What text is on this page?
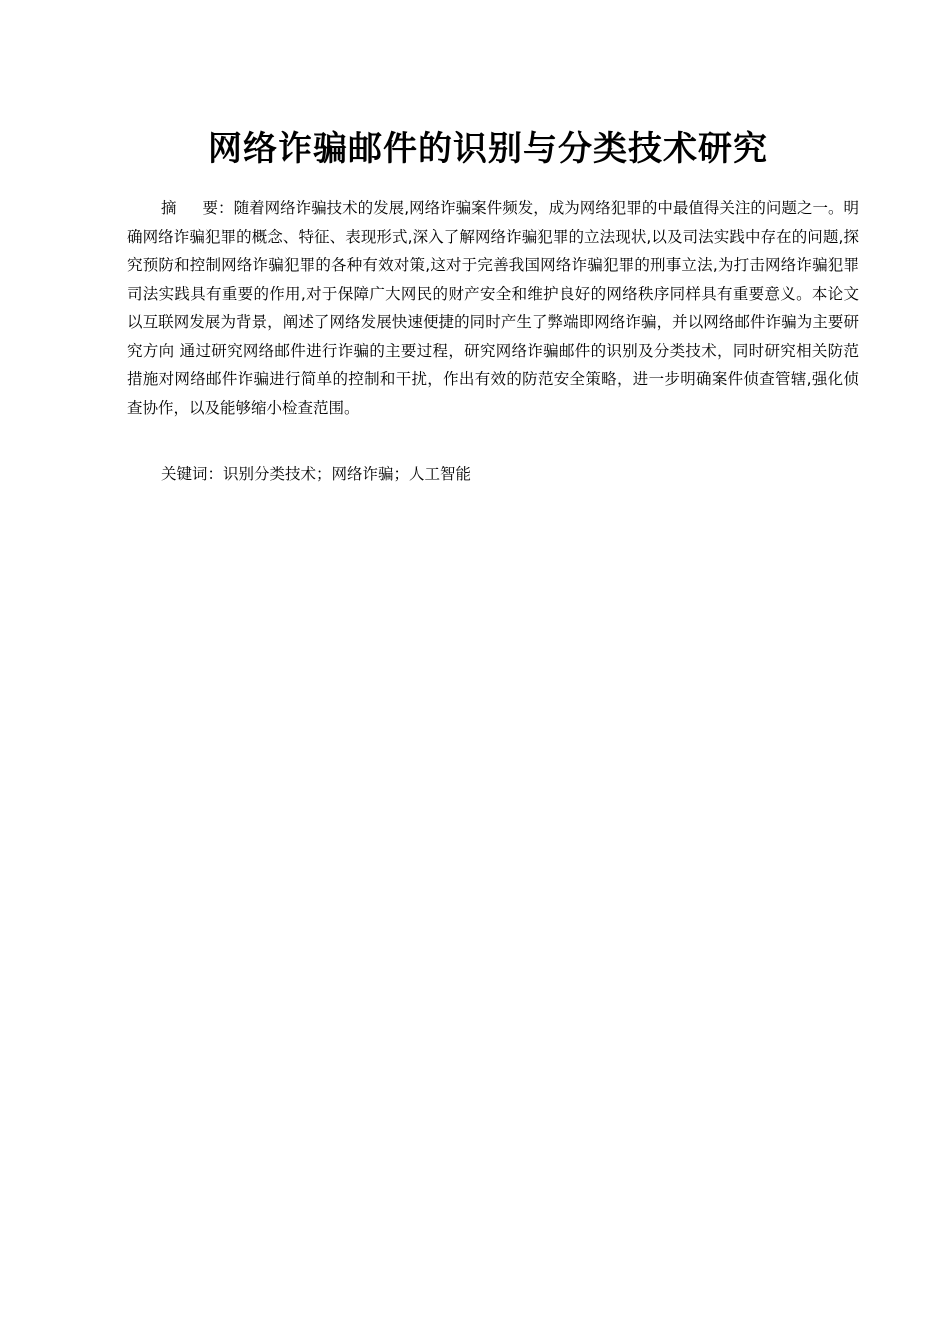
网络诈骗邮件的识别与分类技术研究

摘 要：随着网络诈骗技术的发展,网络诈骗案件频发，成为网络犯罪的中最值得关注的问题之一。明确网络诈骗犯罪的概念、特征、表现形式,深入了解网络诈骗犯罪的立法现状,以及司法实践中存在的问题,探究预防和控制网络诈骗犯罪的各种有效对策,这对于完善我国网络诈骗犯罪的刑事立法,为打击网络诈骗犯罪司法实践具有重要的作用,对于保障广大网民的财产安全和维护良好的网络秩序同样具有重要意义。本论文以互联网发展为背景，阐述了网络发展快速便捷的同时产生了弊端即网络诈骗，并以网络邮件诈骗为主要研究方向 通过研究网络邮件进行诈骗的主要过程，研究网络诈骗邮件的识别及分类技术，同时研究相关防范措施对网络邮件诈骗进行简单的控制和干扰，作出有效的防范安全策略，进一步明确案件侦查管辖,强化侦查协作，以及能够缩小检查范围。

关键词：识别分类技术；网络诈骗；人工智能
